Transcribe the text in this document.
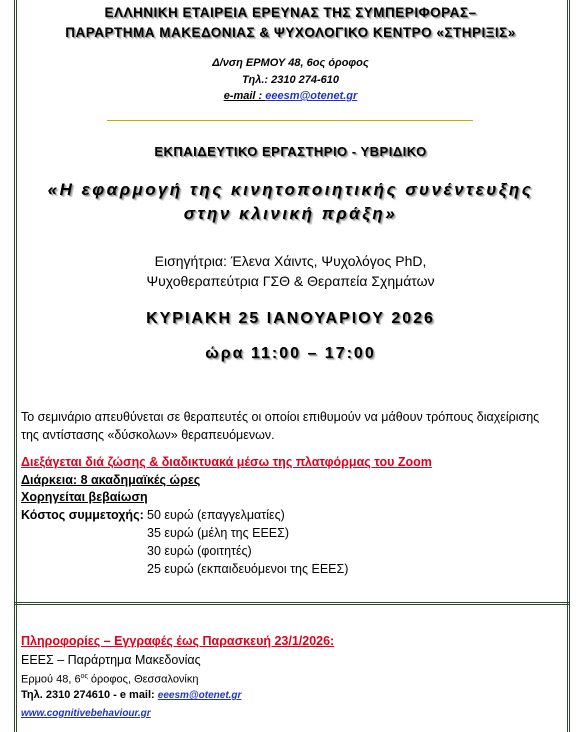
ΕΛΛΗΝΙΚΗ ΕΤΑΙΡΕΙΑ ΕΡΕΥΝΑΣ ΤΗΣ ΣΥΜΠΕΡΙΦΟΡΑΣ–
ΠΑΡΑΡΤΗΜΑ ΜΑΚΕΔΟΝΙΑΣ & ΨΥΧΟΛΟΓΙΚΟ ΚΕΝΤΡΟ «ΣΤΗΡΙΞΙΣ»
Δ/νση ΕΡΜΟΥ 48, 6ος όροφος
Τηλ.: 2310 274-610
e-mail : eeesm@otenet.gr
ΕΚΠΑΙΔΕΥΤΙΚΟ ΕΡΓΑΣΤΗΡΙΟ - ΥΒΡΙΔΙΚΟ
«Η εφαρμογή της κινητοποιητικής συνέντευξης
στην κλινική πράξη»
Εισηγήτρια: Έλενα Χάιντς, Ψυχολόγος PhD,
Ψυχοθεραπεύτρια ΓΣΘ & Θεραπεία Σχημάτων
ΚΥΡΙΑΚΗ 25 ΙΑΝΟΥΑΡΙΟΥ 2026
ώρα 11:00 – 17:00
Το σεμινάριο απευθύνεται σε θεραπευτές οι οποίοι επιθυμούν να μάθουν τρόπους διαχείρισης της αντίστασης «δύσκολων» θεραπευόμενων.
Διεξάγεται διά ζώσης & διαδικτυακά μέσω της πλατφόρμας του Zoom
Διάρκεια: 8 ακαδημαϊκές ώρες
Χορηγείται βεβαίωση
Κόστος συμμετοχής: 50 ευρώ (επαγγελματίες)
35 ευρώ (μέλη της ΕΕΕΣ)
30 ευρώ (φοιτητές)
25 ευρώ (εκπαιδευόμενοι της ΕΕΕΣ)
Πληροφορίες – Εγγραφές έως Παρασκευή 23/1/2026:
ΕΕΕΣ – Παράρτημα Μακεδονίας
Ερμού 48, $6^{o\varsigma}$ όροφος, Θεσσαλονίκη
Τηλ. 2310 274610 - e mail: eeesm@otenet.gr
www.cognitivebehaviour.gr
